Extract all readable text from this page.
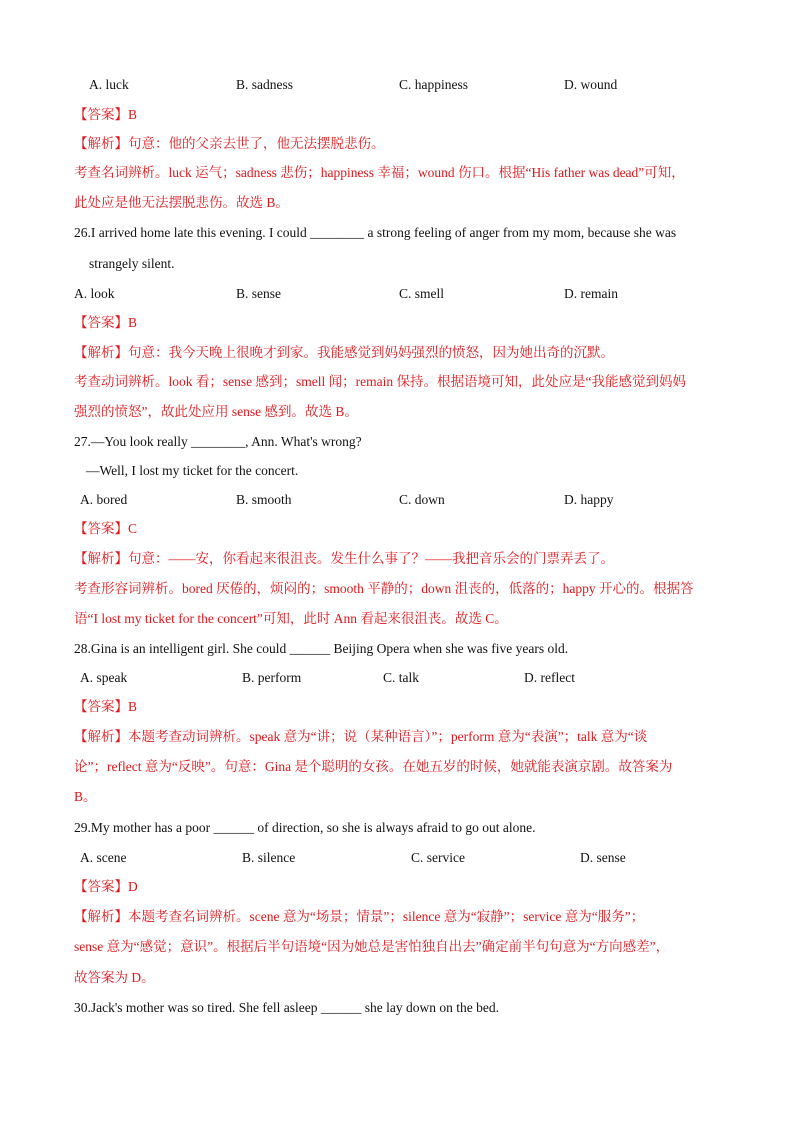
A. luck	B. sadness	C. happiness	D. wound
【答案】B
【解析】句意：他的父亲去世了，他无法摆脱悲伤。
考查名词辨析。luck 运气；sadness 悲伤；happiness 幸福；wound 伤口。根据“His father was dead”可知，
此处应是他无法摆脱悲伤。故选 B。
26.I arrived home late this evening. I could ________ a strong feeling of anger from my mom, because she was
strangely silent.
A. look	B. sense	C. smell	D. remain
【答案】B
【解析】句意：我今天晚上很晚才到家。我能感觉到妈妈强烈的愤怒，因为她出奇的沉默。
考查动词辨析。look 看；sense 感到；smell 闻；remain 保持。根据语境可知，此处应是“我能感觉到妈妈
强烈的愤怒”，故此处应用 sense 感到。故选 B。
27.—You look really ________, Ann. What's wrong?
—Well, I lost my ticket for the concert.
A. bored	B. smooth	C. down	D. happy
【答案】C
【解析】句意：——安，你看起来很沮丧。发生什么事了？——我把音乐会的门票弄丢了。
考查形容词辨析。bored 厌倦的，烦闷的；smooth 平静的；down 沮丧的，低落的；happy 开心的。根据答
语“I lost my ticket for the concert”可知，此时 Ann 看起来很沮丧。故选 C。
28.Gina is an intelligent girl. She could ______ Beijing Opera when she was five years old.
A. speak	B. perform	C. talk	D. reflect
【答案】B
【解析】本题考查动词辨析。speak 意为“讲；说（某种语言）”；perform 意为“表演”；talk 意为“谈
论”；reflect 意为“反映”。句意：Gina 是个聪明的女孩。在她五岁的时候，她就能表演京剧。故答案为
B。
29.My mother has a poor ______ of direction, so she is always afraid to go out alone.
A. scene	B. silence	C. service	D. sense
【答案】D
【解析】本题考查名词辨析。scene 意为“场景；情景”；silence 意为“寂静”；service 意为“服务”；
sense 意为“感觉；意识”。根据后半句语境“因为她总是害怕独自出去”确定前半句句意为“方向感差”，
故答案为 D。
30.Jack's mother was so tired. She fell asleep ______ she lay down on the bed.
